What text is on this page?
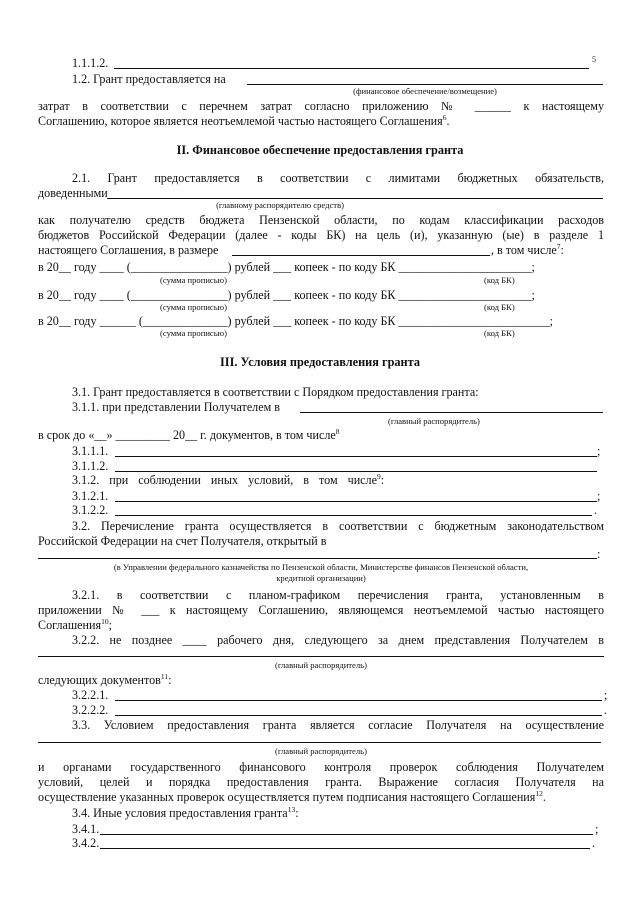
1.1.1.2.	5
1.2. Грант предоставляется на
(финансовое обеспечение/возмещение)
затрат в соответствии с перечнем затрат согласно приложению № ______ к настоящему
Соглашению, которое является неотъемлемой частью настоящего Соглашения$^6$.
II. Финансовое обеспечение предоставления гранта
2.1. Грант предоставляется в соответствии с лимитами бюджетных обязательств,
доведенными
(главному распорядителю средств)
как получателю средств бюджета Пензенской области, по кодам классификации расходов
бюджетов Российской Федерации (далее - коды БК) на цель (и), указанную (ые) в разделе 1
настоящего Соглашения, в размере	, в том числе$^7$:
в 20__ году ____ (________________) рублей ___ копеек - по коду БК ______________________;
(сумма прописью)	(код БК)
в 20__ году ____ (________________) рублей ___ копеек - по коду БК ______________________;
(сумма прописью)	(код БК)
в 20__ году ______ (______________) рублей ___ копеек - по коду БК _________________________;
(сумма прописью)	(код БК)
III. Условия предоставления гранта
3.1. Грант предоставляется в соответствии с Порядком предоставления гранта:
3.1.1. при представлении Получателем в
(главный распорядитель)
в срок до «__» _________ 20__ г. документов, в том числе$^8$
3.1.1.1.	;
3.1.1.2.
3.1.2. при соблюдении иных условий, в том числе$^9$:
3.1.2.1.	;
3.1.2.2.	.
3.2. Перечисление гранта осуществляется в соответствии с бюджетным законодательством
Российской Федерации на счет Получателя, открытый в
:
(в Управлении федерального казначейства по Пензенской области, Министерстве финансов Пензенской области,
кредитной организации)
3.2.1. в соответствии с планом-графиком перечисления гранта, установленным в
приложении № ___ к настоящему Соглашению, являющемся неотъемлемой частью настоящего
Соглашения$^{10}$;
3.2.2. не позднее ____ рабочего дня, следующего за днем представления Получателем в
(главный распорядитель)
следующих документов$^{11}$:
3.2.2.1.	;
3.2.2.2.	.
3.3. Условием предоставления гранта является согласие Получателя на осуществление
(главный распорядитель)
и органами государственного финансового контроля проверок соблюдения Получателем
условий, целей и порядка предоставления гранта. Выражение согласия Получателя на
осуществление указанных проверок осуществляется путем подписания настоящего Соглашения$^{12}$.
3.4. Иные условия предоставления гранта$^{13}$:
3.4.1.	;
3.4.2.	.
